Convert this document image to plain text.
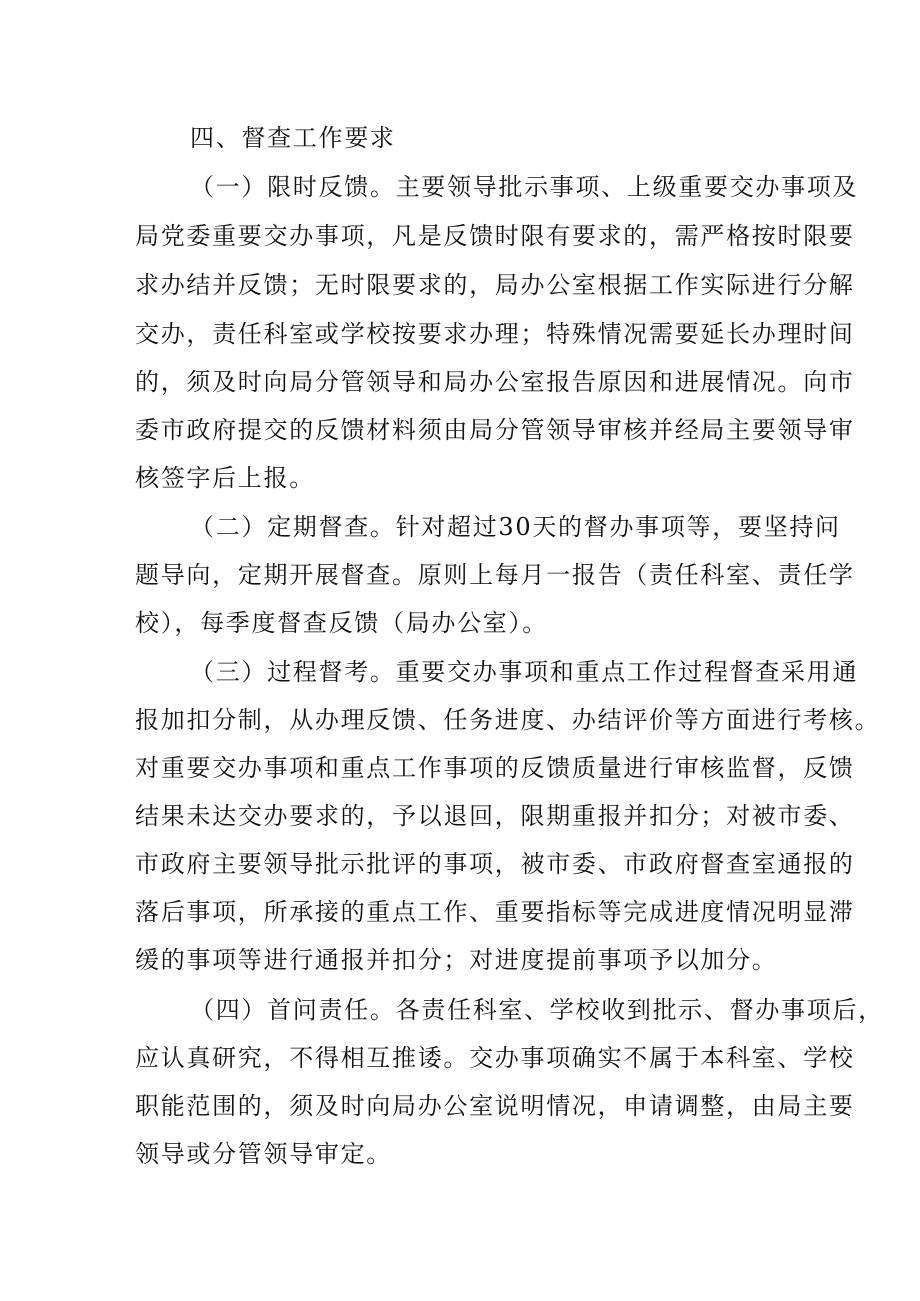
四、督查工作要求
（一）限时反馈。主要领导批示事项、上级重要交办事项及
局党委重要交办事项，凡是反馈时限有要求的，需严格按时限要
求办结并反馈；无时限要求的，局办公室根据工作实际进行分解
交办，责任科室或学校按要求办理；特殊情况需要延长办理时间
的，须及时向局分管领导和局办公室报告原因和进展情况。向市
委市政府提交的反馈材料须由局分管领导审核并经局主要领导审
核签字后上报。
（二）定期督查。针对超过30天的督办事项等，要坚持问
题导向，定期开展督查。原则上每月一报告（责任科室、责任学
校），每季度督查反馈（局办公室）。
（三）过程督考。重要交办事项和重点工作过程督查采用通
报加扣分制，从办理反馈、任务进度、办结评价等方面进行考核。
对重要交办事项和重点工作事项的反馈质量进行审核监督，反馈
结果未达交办要求的，予以退回，限期重报并扣分；对被市委、
市政府主要领导批示批评的事项，被市委、市政府督查室通报的
落后事项，所承接的重点工作、重要指标等完成进度情况明显滞
缓的事项等进行通报并扣分；对进度提前事项予以加分。
（四）首问责任。各责任科室、学校收到批示、督办事项后，
应认真研究，不得相互推诿。交办事项确实不属于本科室、学校
职能范围的，须及时向局办公室说明情况，申请调整，由局主要
领导或分管领导审定。
